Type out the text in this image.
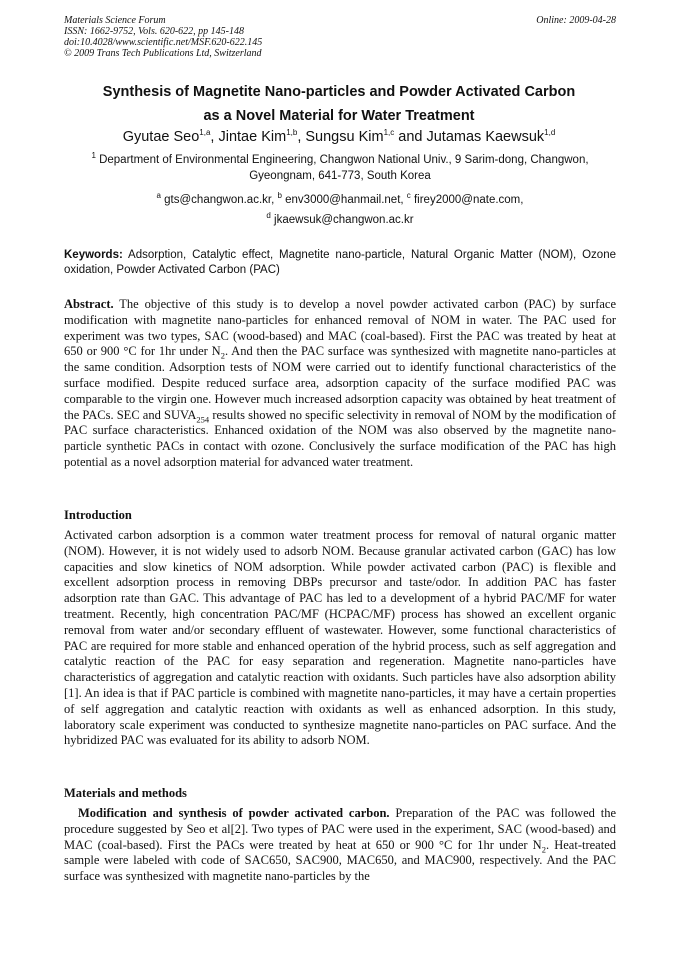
Materials Science Forum
ISSN: 1662-9752, Vols. 620-622, pp 145-148
doi:10.4028/www.scientific.net/MSF.620-622.145
© 2009 Trans Tech Publications Ltd, Switzerland
Online: 2009-04-28
Synthesis of Magnetite Nano-particles and Powder Activated Carbon
as a Novel Material for Water Treatment
Gyutae Seo$^{1,a}$, Jintae Kim$^{1,b}$, Sungsu Kim$^{1,c}$ and Jutamas Kaewsuk$^{1,d}$
$^1$ Department of Environmental Engineering, Changwon National Univ., 9 Sarim-dong, Changwon, Gyeongnam, 641-773, South Korea
$^a$ gts@changwon.ac.kr, $^b$ env3000@hanmail.net, $^c$ firey2000@nate.com,
$^d$ jkaewsuk@changwon.ac.kr
Keywords: Adsorption, Catalytic effect, Magnetite nano-particle, Natural Organic Matter (NOM), Ozone oxidation, Powder Activated Carbon (PAC)
Abstract. The objective of this study is to develop a novel powder activated carbon (PAC) by surface modification with magnetite nano-particles for enhanced removal of NOM in water. The PAC used for experiment was two types, SAC (wood-based) and MAC (coal-based). First the PAC was treated by heat at 650 or 900 °C for 1hr under $N_2$. And then the PAC surface was synthesized with magnetite nano-particles at the same condition. Adsorption tests of NOM were carried out to identify functional characteristics of the surface modified. Despite reduced surface area, adsorption capacity of the surface modified PAC was comparable to the virgin one. However much increased adsorption capacity was obtained by heat treatment of the PACs. SEC and $SUVA_{254}$ results showed no specific selectivity in removal of NOM by the modification of PAC surface characteristics. Enhanced oxidation of the NOM was also observed by the magnetite nano-particle synthetic PACs in contact with ozone. Conclusively the surface modification of the PAC has high potential as a novel adsorption material for advanced water treatment.
Introduction
Activated carbon adsorption is a common water treatment process for removal of natural organic matter (NOM). However, it is not widely used to adsorb NOM. Because granular activated carbon (GAC) has low capacities and slow kinetics of NOM adsorption. While powder activated carbon (PAC) is flexible and excellent adsorption process in removing DBPs precursor and taste/odor. In addition PAC has faster adsorption rate than GAC. This advantage of PAC has led to a development of a hybrid PAC/MF for water treatment. Recently, high concentration PAC/MF (HCPAC/MF) process has showed an excellent organic removal from water and/or secondary effluent of wastewater. However, some functional characteristics of PAC are required for more stable and enhanced operation of the hybrid process, such as self aggregation and catalytic reaction of the PAC for easy separation and regeneration. Magnetite nano-particles have characteristics of aggregation and catalytic reaction with oxidants. Such particles have also adsorption ability [1]. An idea is that if PAC particle is combined with magnetite nano-particles, it may have a certain properties of self aggregation and catalytic reaction with oxidants as well as enhanced adsorption. In this study, laboratory scale experiment was conducted to synthesize magnetite nano-particles on PAC surface. And the hybridized PAC was evaluated for its ability to adsorb NOM.
Materials and methods
Modification and synthesis of powder activated carbon. Preparation of the PAC was followed the procedure suggested by Seo et al[2]. Two types of PAC were used in the experiment, SAC (wood-based) and MAC (coal-based). First the PACs were treated by heat at 650 or 900 °C for 1hr under $N_2$. Heat-treated sample were labeled with code of SAC650, SAC900, MAC650, and MAC900, respectively. And the PAC surface was synthesized with magnetite nano-particles by the
